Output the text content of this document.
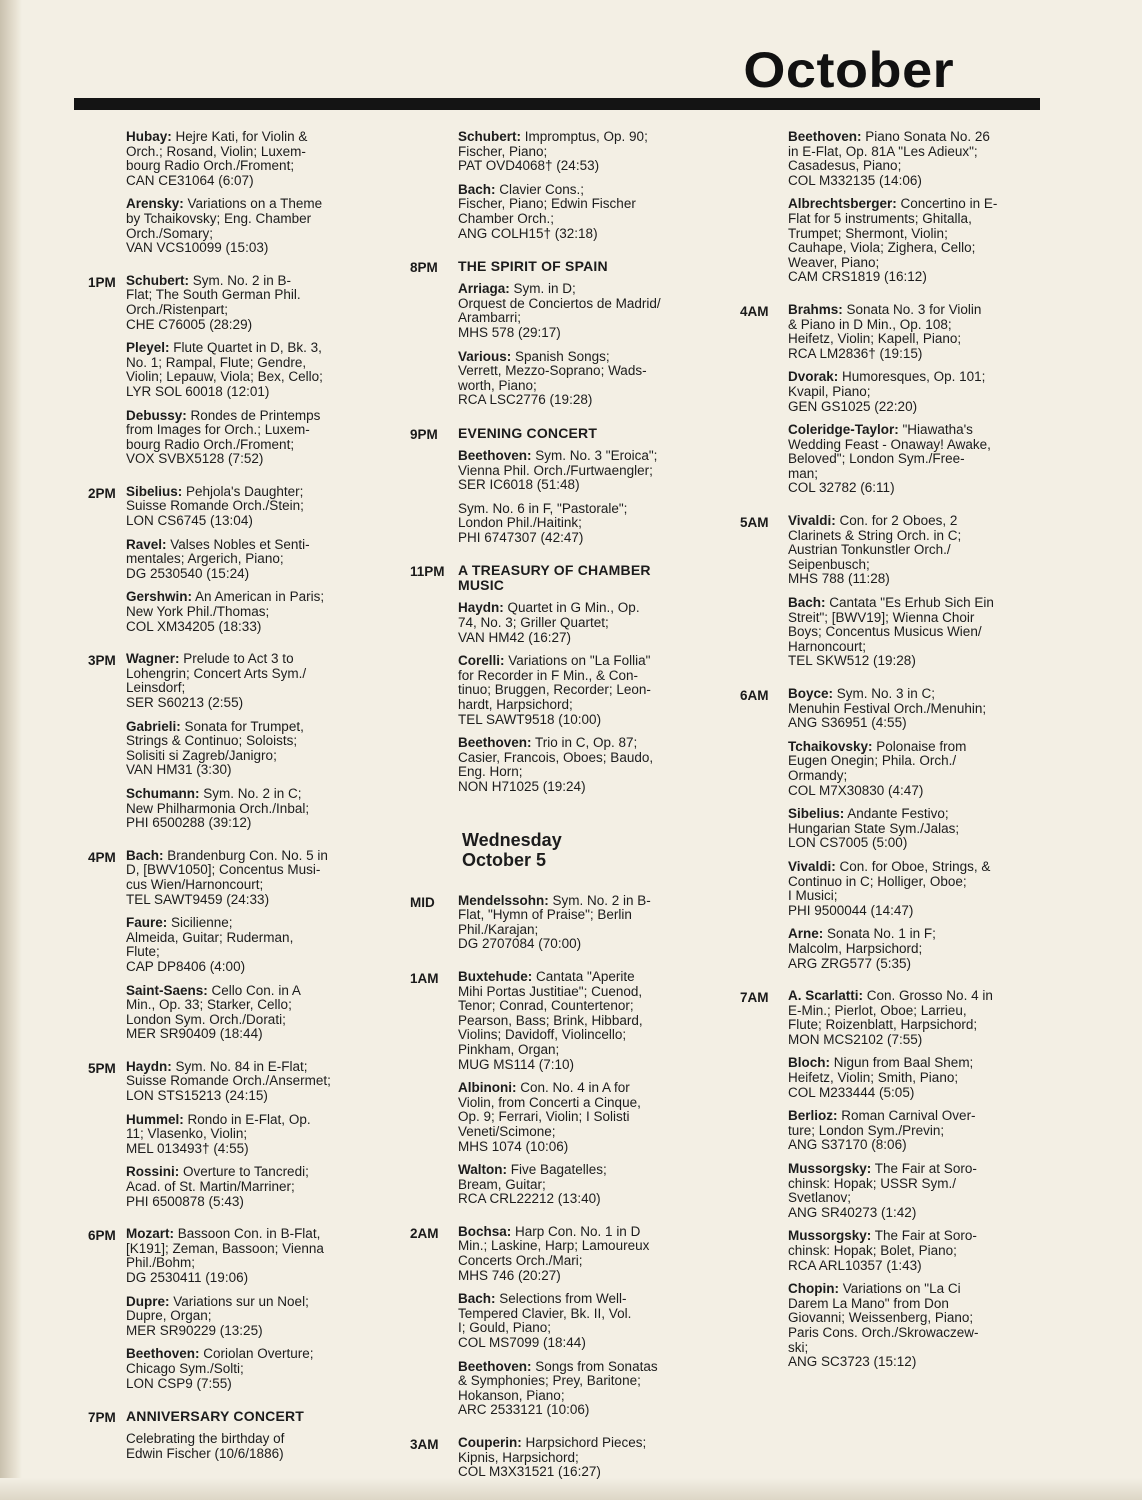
October
Hubay: Hejre Kati, for Violin &
Orch.; Rosand, Violin; Luxem-
bourg Radio Orch./Froment;
CAN CE31064 (6:07)
Arensky: Variations on a Theme
by Tchaikovsky; Eng. Chamber
Orch./Somary;
VAN VCS10099 (15:03)
1PM Schubert: Sym. No. 2 in B-
Flat; The South German Phil.
Orch./Ristenpart;
CHE C76005 (28:29)
Pleyel: Flute Quartet in D, Bk. 3,
No. 1; Rampal, Flute; Gendre,
Violin; Lepauw, Viola; Bex, Cello;
LYR SOL 60018 (12:01)
Debussy: Rondes de Printemps
from Images for Orch.; Luxem-
bourg Radio Orch./Froment;
VOX SVBX5128 (7:52)
2PM Sibelius: Pehjola's Daughter;
Suisse Romande Orch./Stein;
LON CS6745 (13:04)
Ravel: Valses Nobles et Senti-
mentales; Argerich, Piano;
DG 2530540 (15:24)
Gershwin: An American in Paris;
New York Phil./Thomas;
COL XM34205 (18:33)
3PM Wagner: Prelude to Act 3 to
Lohengrin; Concert Arts Sym./
Leinsdorf;
SER S60213 (2:55)
Gabrieli: Sonata for Trumpet,
Strings & Continuo; Soloists;
Solisiti si Zagreb/Janigro;
VAN HM31 (3:30)
Schumann: Sym. No. 2 in C;
New Philharmonia Orch./Inbal;
PHI 6500288 (39:12)
4PM Bach: Brandenburg Con. No. 5 in
D, [BWV1050]; Concentus Musi-
cus Wien/Harnoncourt;
TEL SAWT9459 (24:33)
Faure: Sicilienne;
Almeida, Guitar; Ruderman,
Flute;
CAP DP8406 (4:00)
Saint-Saens: Cello Con. in A
Min., Op. 33; Starker, Cello;
London Sym. Orch./Dorati;
MER SR90409 (18:44)
5PM Haydn: Sym. No. 84 in E-Flat;
Suisse Romande Orch./Ansermet;
LON STS15213 (24:15)
Hummel: Rondo in E-Flat, Op.
11; Vlasenko, Violin;
MEL 013493† (4:55)
Rossini: Overture to Tancredi;
Acad. of St. Martin/Marriner;
PHI 6500878 (5:43)
6PM Mozart: Bassoon Con. in B-Flat,
[K191]; Zeman, Bassoon; Vienna
Phil./Bohm;
DG 2530411 (19:06)
Dupre: Variations sur un Noel;
Dupre, Organ;
MER SR90229 (13:25)
Beethoven: Coriolan Overture;
Chicago Sym./Solti;
LON CSP9 (7:55)
7PM ANNIVERSARY CONCERT
Celebrating the birthday of
Edwin Fischer (10/6/1886)
Schubert: Impromptus, Op. 90;
Fischer, Piano;
PAT OVD4068† (24:53)
Bach: Clavier Cons.;
Fischer, Piano; Edwin Fischer
Chamber Orch.;
ANG COLH15† (32:18)
8PM	THE SPIRIT OF SPAIN
Arriaga: Sym. in D;
Orquest de Conciertos de Madrid/
Arambarri;
MHS 578 (29:17)
Various: Spanish Songs;
Verrett, Mezzo-Soprano; Wads-
worth, Piano;
RCA LSC2776 (19:28)
9PM	EVENING CONCERT
Beethoven: Sym. No. 3 "Eroica";
Vienna Phil. Orch./Furtwaengler;
SER IC6018 (51:48)
Sym. No. 6 in F, "Pastorale";
London Phil./Haitink;
PHI 6747307 (42:47)
11PM A TREASURY OF CHAMBER
MUSIC
Haydn: Quartet in G Min., Op.
74, No. 3; Griller Quartet;
VAN HM42 (16:27)
Corelli: Variations on "La Follia"
for Recorder in F Min., & Con-
tinuo; Bruggen, Recorder; Leon-
hardt, Harpsichord;
TEL SAWT9518 (10:00)
Beethoven: Trio in C, Op. 87;
Casier, Francois, Oboes; Baudo,
Eng. Horn;
NON H71025 (19:24)
Wednesday
October 5
MID	Mendelssohn: Sym. No. 2 in B-
Flat, "Hymn of Praise"; Berlin
Phil./Karajan;
DG 2707084 (70:00)
1AM	Buxtehude: Cantata "Aperite
Mihi Portas Justitiae"; Cuenod,
Tenor; Conrad, Countertenor;
Pearson, Bass; Brink, Hibbard,
Violins; Davidoff, Violincello;
Pinkham, Organ;
MUG MS114 (7:10)
Albinoni: Con. No. 4 in A for
Violin, from Concerti a Cinque,
Op. 9; Ferrari, Violin; I Solisti
Veneti/Scimone;
MHS 1074 (10:06)
Walton: Five Bagatelles;
Bream, Guitar;
RCA CRL22212 (13:40)
2AM	Bochsa: Harp Con. No. 1 in D
Min.; Laskine, Harp; Lamoureux
Concerts Orch./Mari;
MHS 746 (20:27)
Bach: Selections from Well-
Tempered Clavier, Bk. II, Vol.
I; Gould, Piano;
COL MS7099 (18:44)
Beethoven: Songs from Sonatas
& Symphonies; Prey, Baritone;
Hokanson, Piano;
ARC 2533121 (10:06)
3AM	Couperin: Harpsichord Pieces;
Kipnis, Harpsichord;
COL M3X31521 (16:27)
Beethoven: Piano Sonata No. 26
in E-Flat, Op. 81A "Les Adieux";
Casadesus, Piano;
COL M332135 (14:06)
Albrechtsberger: Concertino in E-
Flat for 5 instruments; Ghitalla,
Trumpet; Shermont, Violin;
Cauhape, Viola; Zighera, Cello;
Weaver, Piano;
CAM CRS1819 (16:12)
4AM	Brahms: Sonata No. 3 for Violin
& Piano in D Min., Op. 108;
Heifetz, Violin; Kapell, Piano;
RCA LM2836† (19:15)
Dvorak: Humoresques, Op. 101;
Kvapil, Piano;
GEN GS1025 (22:20)
Coleridge-Taylor: "Hiawatha's
Wedding Feast - Onaway! Awake,
Beloved"; London Sym./Free-
man;
COL 32782 (6:11)
5AM	Vivaldi: Con. for 2 Oboes, 2
Clarinets & String Orch. in C;
Austrian Tonkunstler Orch./
Seipenbusch;
MHS 788 (11:28)
Bach: Cantata "Es Erhub Sich Ein
Streit"; [BWV19]; Wienna Choir
Boys; Concentus Musicus Wien/
Harnoncourt;
TEL SKW512 (19:28)
6AM	Boyce: Sym. No. 3 in C;
Menuhin Festival Orch./Menuhin;
ANG S36951 (4:55)
Tchaikovsky: Polonaise from
Eugen Onegin; Phila. Orch./
Ormandy;
COL M7X30830 (4:47)
Sibelius: Andante Festivo;
Hungarian State Sym./Jalas;
LON CS7005 (5:00)
Vivaldi: Con. for Oboe, Strings, &
Continuo in C; Holliger, Oboe;
I Musici;
PHI 9500044 (14:47)
Arne: Sonata No. 1 in F;
Malcolm, Harpsichord;
ARG ZRG577 (5:35)
7AM	A. Scarlatti: Con. Grosso No. 4 in
E-Min.; Pierlot, Oboe; Larrieu,
Flute; Roizenblatt, Harpsichord;
MON MCS2102 (7:55)
Bloch: Nigun from Baal Shem;
Heifetz, Violin; Smith, Piano;
COL M233444 (5:05)
Berlioz: Roman Carnival Over-
ture; London Sym./Previn;
ANG S37170 (8:06)
Mussorgsky: The Fair at Soro-
chinsk: Hopak; USSR Sym./
Svetlanov;
ANG SR40273 (1:42)
Mussorgsky: The Fair at Soro-
chinsk: Hopak; Bolet, Piano;
RCA ARL10357 (1:43)
Chopin: Variations on "La Ci
Darem La Mano" from Don
Giovanni; Weissenberg, Piano;
Paris Cons. Orch./Skrowaczew-
ski;
ANG SC3723 (15:12)
